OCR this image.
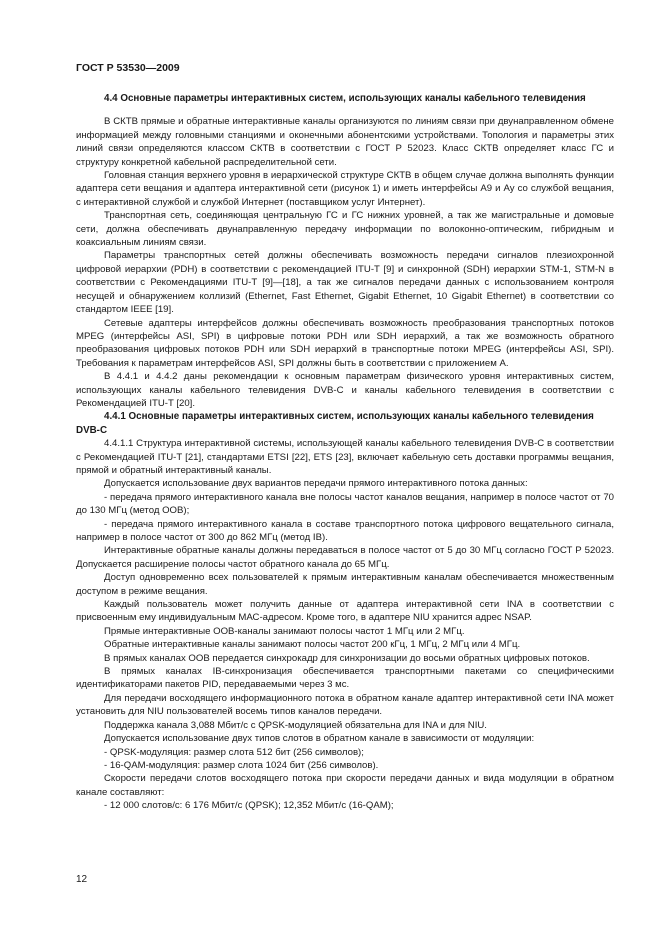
ГОСТ Р 53530—2009
4.4 Основные параметры интерактивных систем, использующих каналы кабельного телевидения

В СКТВ прямые и обратные интерактивные каналы организуются по линиям связи при двунаправленном обмене информацией между головными станциями и оконечными абонентскими устройствами. Топология и параметры этих линий связи определяются классом СКТВ в соответствии с ГОСТ Р 52023. Класс СКТВ определяет класс ГС и структуру конкретной кабельной распределительной сети.

Головная станция верхнего уровня в иерархической структуре СКТВ в общем случае должна выполнять функции адаптера сети вещания и адаптера интерактивной сети (рисунок 1) и иметь интерфейсы A9 и Ay со службой вещания, с интерактивной службой и службой Интернет (поставщиком услуг Интернет).

Транспортная сеть, соединяющая центральную ГС и ГС нижних уровней, а так же магистральные и домовые сети, должна обеспечивать двунаправленную передачу информации по волоконно-оптическим, гибридным и коаксиальным линиям связи.

Параметры транспортных сетей должны обеспечивать возможность передачи сигналов плезиохронной цифровой иерархии (PDH) в соответствии с рекомендацией ITU-T [9] и синхронной (SDH) иерархии STM-1, STM-N в соответствии с Рекомендациями ITU-T [9]—[18], а так же сигналов передачи данных с использованием контроля несущей и обнаружением коллизий (Ethernet, Fast Ethernet, Gigabit Ethernet, 10 Gigabit Ethernet) в соответствии со стандартом IEEE [19].

Сетевые адаптеры интерфейсов должны обеспечивать возможность преобразования транспортных потоков MPEG (интерфейсы ASI, SPI) в цифровые потоки PDH или SDH иерархий, а так же возможность обратного преобразования цифровых потоков PDH или SDH иерархий в транспортные потоки MPEG (интерфейсы ASI, SPI). Требования к параметрам интерфейсов ASI, SPI должны быть в соответствии с приложением А.

В 4.4.1 и 4.4.2 даны рекомендации к основным параметрам физического уровня интерактивных систем, использующих каналы кабельного телевидения DVB-C и каналы кабельного телевидения в соответствии с Рекомендацией ITU-T [20].

4.4.1 Основные параметры интерактивных систем, использующих каналы кабельного телевидения DVB-C

4.4.1.1 Структура интерактивной системы, использующей каналы кабельного телевидения DVB-C в соответствии с Рекомендацией ITU-T [21], стандартами ETSI [22], ETS [23], включает кабельную сеть доставки программы вещания, прямой и обратный интерактивный каналы.

Допускается использование двух вариантов передачи прямого интерактивного потока данных:

- передача прямого интерактивного канала вне полосы частот каналов вещания, например в полосе частот от 70 до 130 МГц (метод OOB);

- передача прямого интерактивного канала в составе транспортного потока цифрового вещательного сигнала, например в полосе частот от 300 до 862 МГц (метод IB).

Интерактивные обратные каналы должны передаваться в полосе частот от 5 до 30 МГц согласно ГОСТ Р 52023. Допускается расширение полосы частот обратного канала до 65 МГц.

Доступ одновременно всех пользователей к прямым интерактивным каналам обеспечивается множественным доступом в режиме вещания.

Каждый пользователь может получить данные от адаптера интерактивной сети INA в соответствии с присвоенным ему индивидуальным МАС-адресом. Кроме того, в адаптере NIU хранится адрес NSAP.

Прямые интерактивные ООВ-каналы занимают полосы частот 1 МГц или 2 МГц.

Обратные интерактивные каналы занимают полосы частот 200 кГц, 1 МГц, 2 МГц или 4 МГц.

В прямых каналах ООВ передается синхрокадр для синхронизации до восьми обратных цифровых потоков.

В прямых каналах IB-синхронизация обеспечивается транспортными пакетами со специфическими идентификаторами пакетов PID, передаваемыми через 3 мс.

Для передачи восходящего информационного потока в обратном канале адаптер интерактивной сети INA может установить для NIU пользователей восемь типов каналов передачи.

Поддержка канала 3,088 Мбит/с с QPSK-модуляцией обязательна для INA и для NIU.

Допускается использование двух типов слотов в обратном канале в зависимости от модуляции:

- QPSK-модуляция: размер слота 512 бит (256 символов);

- 16-QAM-модуляция: размер слота 1024 бит (256 символов).

Скорости передачи слотов восходящего потока при скорости передачи данных и вида модуляции в обратном канале составляют:

- 12 000 слотов/с: 6 176 Мбит/с (QPSK); 12,352 Мбит/с (16-QAM);

12
